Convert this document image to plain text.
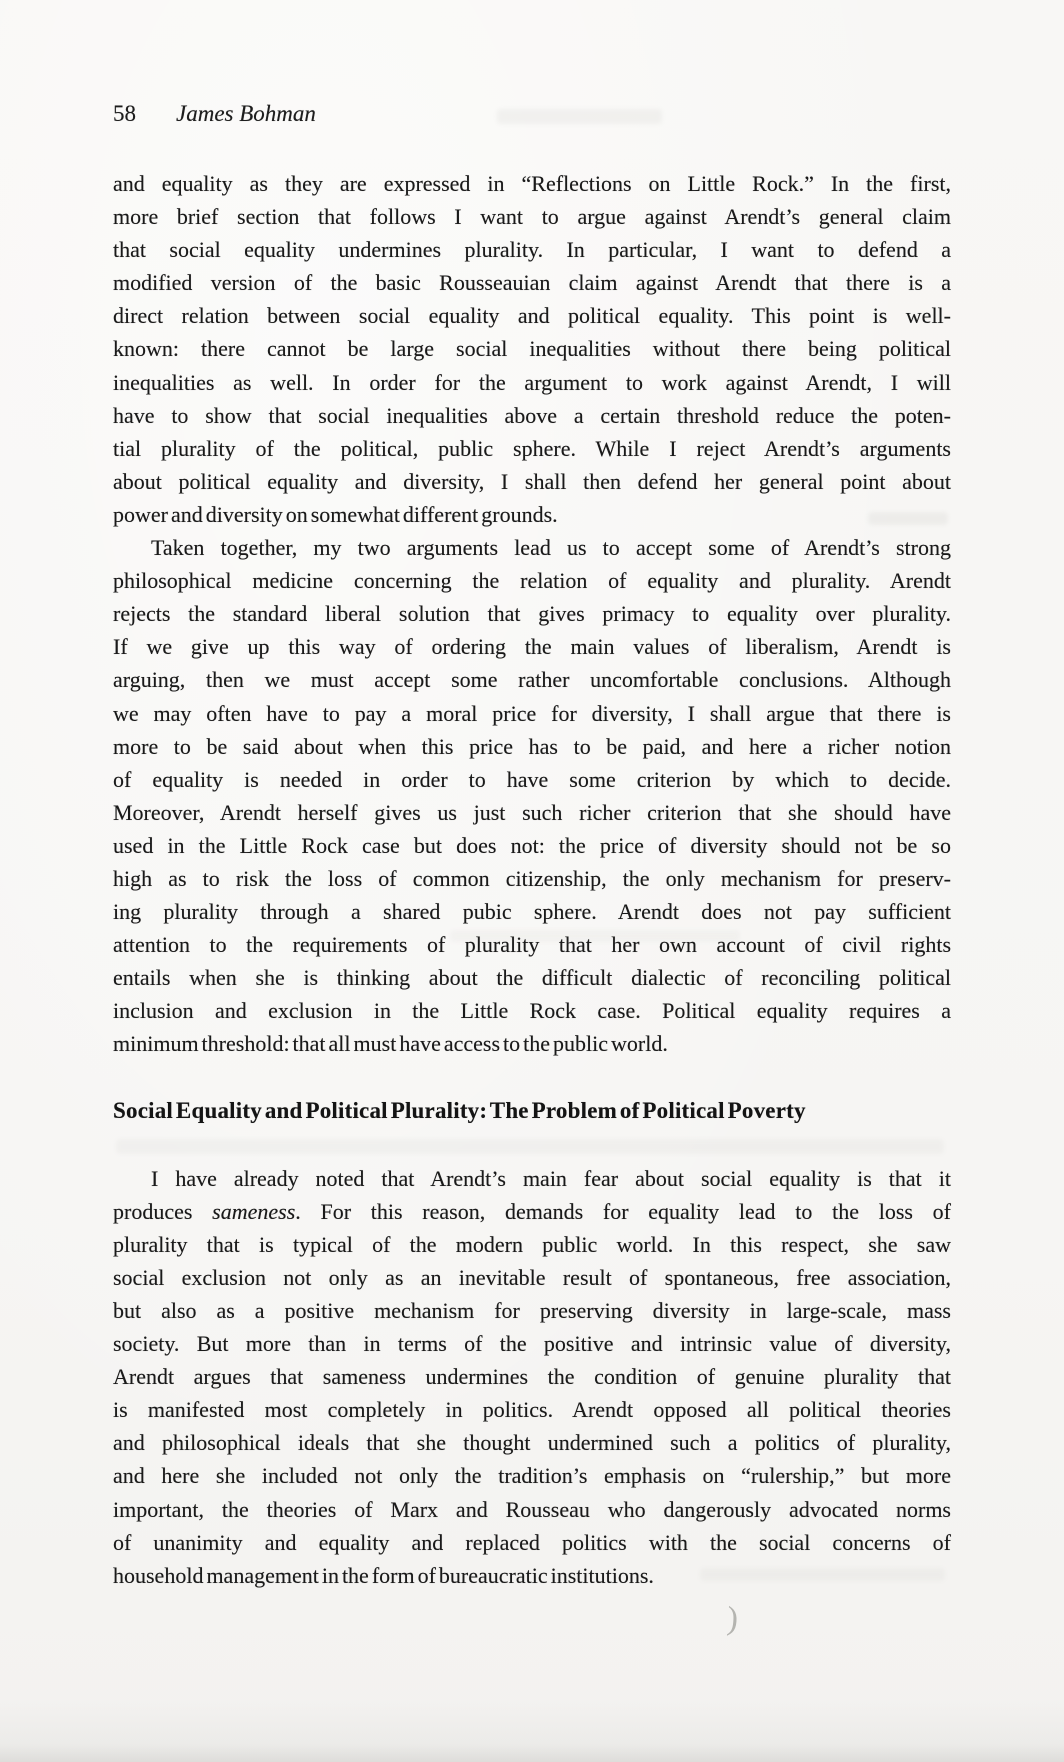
58 James Bohman
and equality as they are expressed in “Reflections on Little Rock.” In the first,
more brief section that follows I want to argue against Arendt’s general claim
that social equality undermines plurality. In particular, I want to defend a
modified version of the basic Rousseauian claim against Arendt that there is a
direct relation between social equality and political equality. This point is well-
known: there cannot be large social inequalities without there being political
inequalities as well. In order for the argument to work against Arendt, I will
have to show that social inequalities above a certain threshold reduce the poten-
tial plurality of the political, public sphere. While I reject Arendt’s arguments
about political equality and diversity, I shall then defend her general point about
power and diversity on somewhat different grounds.
Taken together, my two arguments lead us to accept some of Arendt’s strong
philosophical medicine concerning the relation of equality and plurality. Arendt
rejects the standard liberal solution that gives primacy to equality over plurality.
If we give up this way of ordering the main values of liberalism, Arendt is
arguing, then we must accept some rather uncomfortable conclusions. Although
we may often have to pay a moral price for diversity, I shall argue that there is
more to be said about when this price has to be paid, and here a richer notion
of equality is needed in order to have some criterion by which to decide.
Moreover, Arendt herself gives us just such richer criterion that she should have
used in the Little Rock case but does not: the price of diversity should not be so
high as to risk the loss of common citizenship, the only mechanism for preserv-
ing plurality through a shared pubic sphere. Arendt does not pay sufficient
attention to the requirements of plurality that her own account of civil rights
entails when she is thinking about the difficult dialectic of reconciling political
inclusion and exclusion in the Little Rock case. Political equality requires a
minimum threshold: that all must have access to the public world.
Social Equality and Political Plurality: The Problem of Political Poverty
I have already noted that Arendt’s main fear about social equality is that it
produces sameness. For this reason, demands for equality lead to the loss of
plurality that is typical of the modern public world. In this respect, she saw
social exclusion not only as an inevitable result of spontaneous, free association,
but also as a positive mechanism for preserving diversity in large-scale, mass
society. But more than in terms of the positive and intrinsic value of diversity,
Arendt argues that sameness undermines the condition of genuine plurality that
is manifested most completely in politics. Arendt opposed all political theories
and philosophical ideals that she thought undermined such a politics of plurality,
and here she included not only the tradition’s emphasis on “rulership,” but more
important, the theories of Marx and Rousseau who dangerously advocated norms
of unanimity and equality and replaced politics with the social concerns of
household management in the form of bureaucratic institutions.
)
